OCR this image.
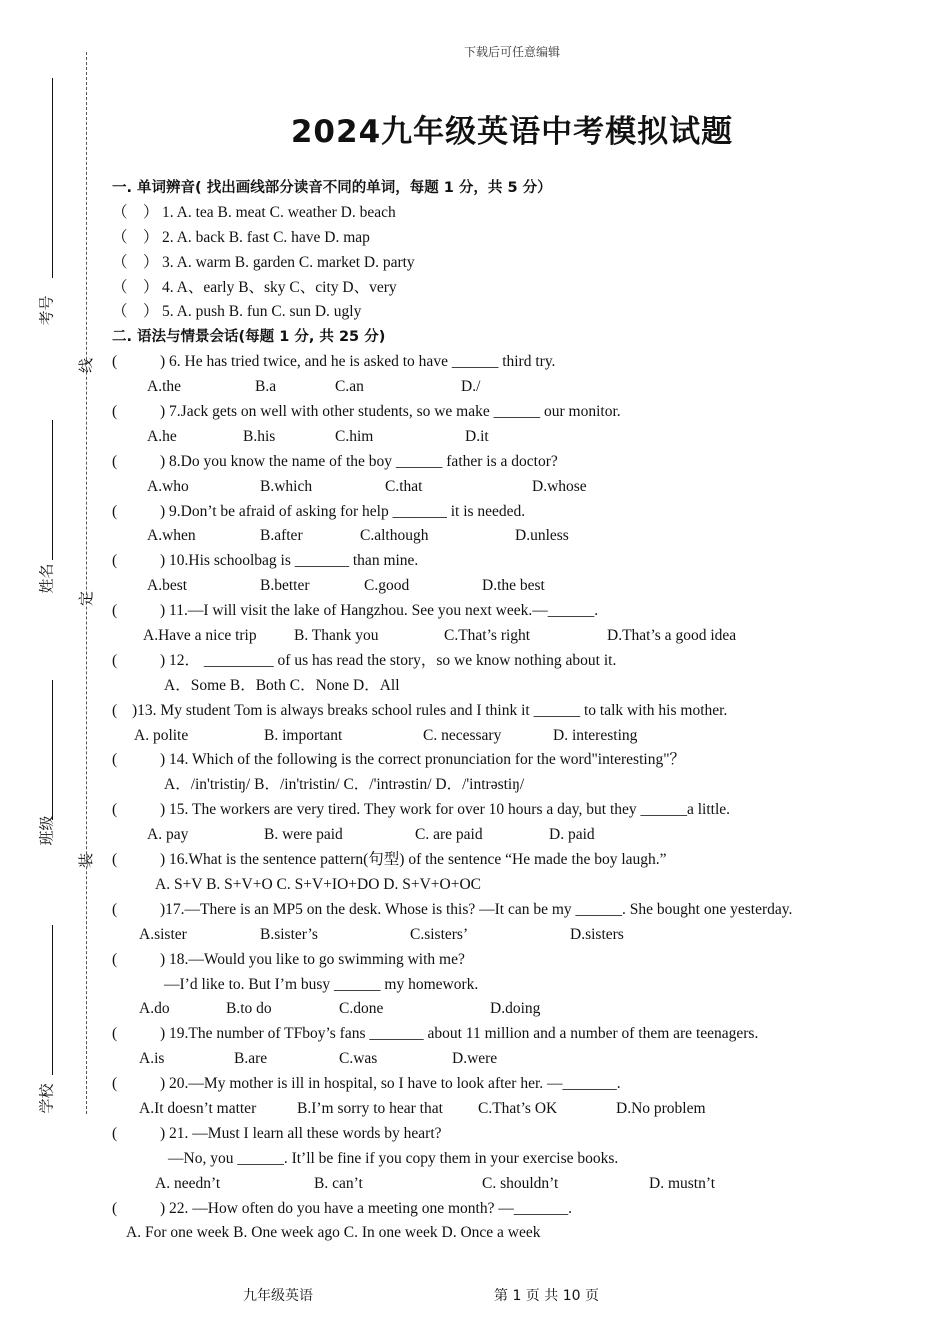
下载后可任意编辑
2024九年级英语中考模拟试题
考号
姓名
班级
学校
线
定
装
一. 单词辨音( 找出画线部分读音不同的单词，每题 1 分，共 5 分）
（　） 1. A. tea B. meat C. weather D. beach
（　） 2. A. back B. fast C. have D. map
（　） 3. A. warm B. garden C. market D. party
（　） 4. A、early B、sky C、city D、very
（　） 5. A. push B. fun C. sun D. ugly
二. 语法与情景会话(每题 1 分, 共 25 分)
(	) 6. He has tried twice, and he is asked to have ______ third try.
A.the	B.a	C.an	D./
(	) 7.Jack gets on well with other students, so we make ______ our monitor.
A.he	B.his	C.him	D.it
(	) 8.Do you know the name of the boy ______ father is a doctor?
A.who	B.which	C.that	D.whose
(	) 9.Don’t be afraid of asking for help _______ it is needed.
A.when	B.after	C.although	D.unless
(	) 10.His schoolbag is _______ than mine.
A.best	B.better	C.good	D.the best
(	) 11.—I will visit the lake of Hangzhou. See you next week.—______.
A.Have a nice trip B. Thank you	C.That’s right	D.That’s a good idea
(	) 12． _________ of us has read the story，so we know nothing about it.
A．Some B．Both C．None D．All
( )13. My student Tom is always breaks school rules and I think it ______ to talk with his mother.
A. polite	B. important	C. necessary	D. interesting
(	) 14. Which of the following is the correct pronunciation for the word"interesting"？
A．/in'tristiŋ/ B．/in'tristin/ C．/'intrəstin/ D．/'intrəstiŋ/
(	) 15. The workers are very tired. They work for over 10 hours a day, but they ______a little.
A. pay	B. were paid	C. are paid	D. paid
(	) 16.What is the sentence pattern(句型) of the sentence “He made the boy laugh.”
A. S+V B. S+V+O C. S+V+IO+DO D. S+V+O+OC
(	)17.—There is an MP5 on the desk. Whose is this? —It can be my ______. She bought one yesterday.
A.sister	B.sister’s	C.sisters’	D.sisters
(	) 18.—Would you like to go swimming with me?
—I’d like to. But I’m busy ______ my homework.
A.do	B.to do	C.done	D.doing
(	) 19.The number of TFboy’s fans _______ about 11 million and a number of them are teenagers.
A.is	B.are	C.was	D.were
(	) 20.—My mother is ill in hospital, so I have to look after her. —_______.
A.It doesn’t matter	B.I’m sorry to hear that C.That’s OK	D.No problem
(	) 21. —Must I learn all these words by heart?
—No, you ______. It’ll be fine if you copy them in your exercise books.
A. needn’t	B. can’t	C. shouldn’t	D. mustn’t
(	) 22. —How often do you have a meeting one month? —_______.
A. For one week B. One week ago C. In one week D. Once a week
九年级英语	第 1 页 共 10 页
